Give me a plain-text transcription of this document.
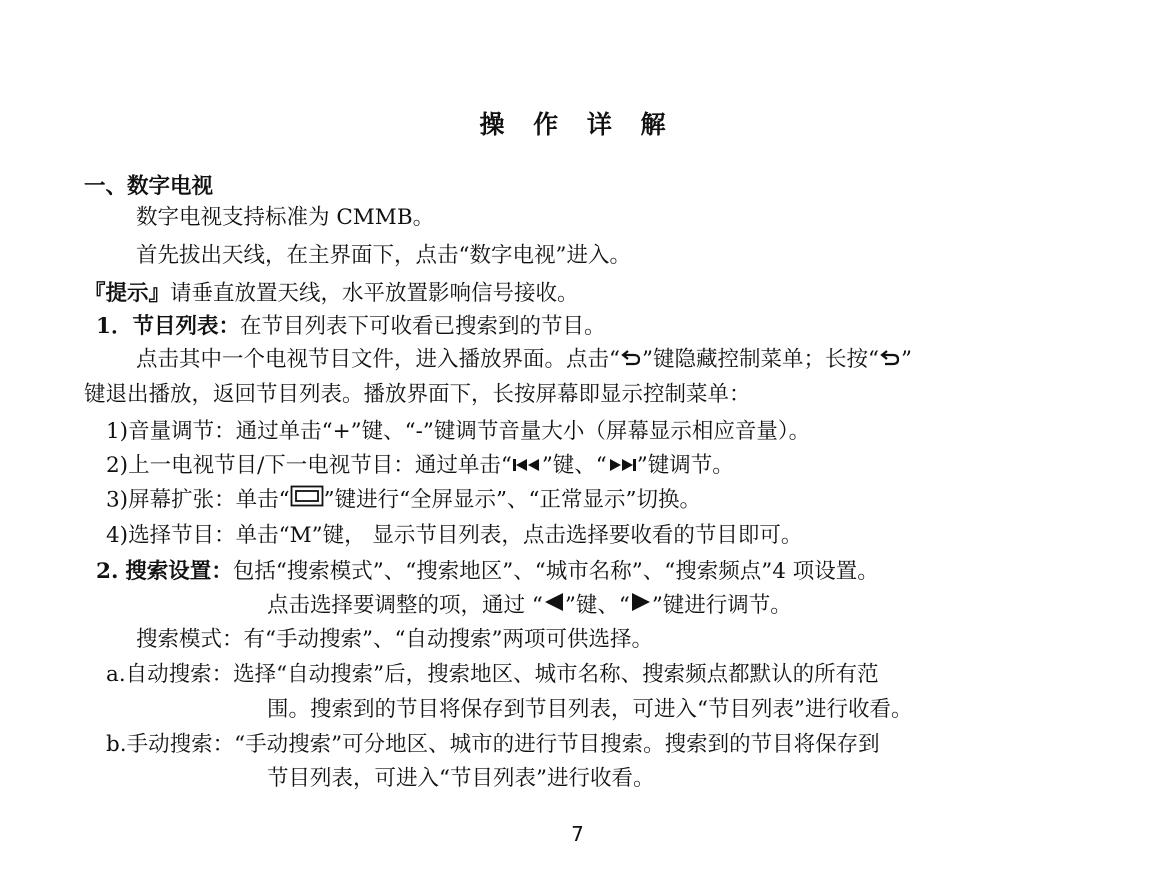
操 作 详 解
一、数字电视
数字电视支持标准为 CMMB。
首先拔出天线，在主界面下，点击“数字电视”进入。
『提示』请垂直放置天线，水平放置影响信号接收。
1．节目列表：在节目列表下可收看已搜索到的节目。
点击其中一个电视节目文件，进入播放界面。点击“ ”键隐藏控制菜单；长按“ ”
键退出播放，返回节目列表。播放界面下，长按屏幕即显示控制菜单：
1)音量调节：通过单击“+”键、“-”键调节音量大小（屏幕显示相应音量）。
2)上一电视节目/下一电视节目：通过单击“ ”键、“ ”键调节。
3)屏幕扩张：单击“ ”键进行“全屏显示”、“正常显示”切换。
4)选择节目：单击“M”键， 显示节目列表，点击选择要收看的节目即可。
2. 搜索设置：包括“搜索模式”、“搜索地区”、“城市名称”、“搜索频点”4 项设置。
点击选择要调整的项，通过 “ ”键、“ ”键进行调节。
搜索模式：有“手动搜索”、“自动搜索”两项可供选择。
a.自动搜索：选择“自动搜索”后，搜索地区、城市名称、搜索频点都默认的所有范
围。搜索到的节目将保存到节目列表，可进入“节目列表”进行收看。
b.手动搜索：“手动搜索”可分地区、城市的进行节目搜索。搜索到的节目将保存到
节目列表，可进入“节目列表”进行收看。
7
